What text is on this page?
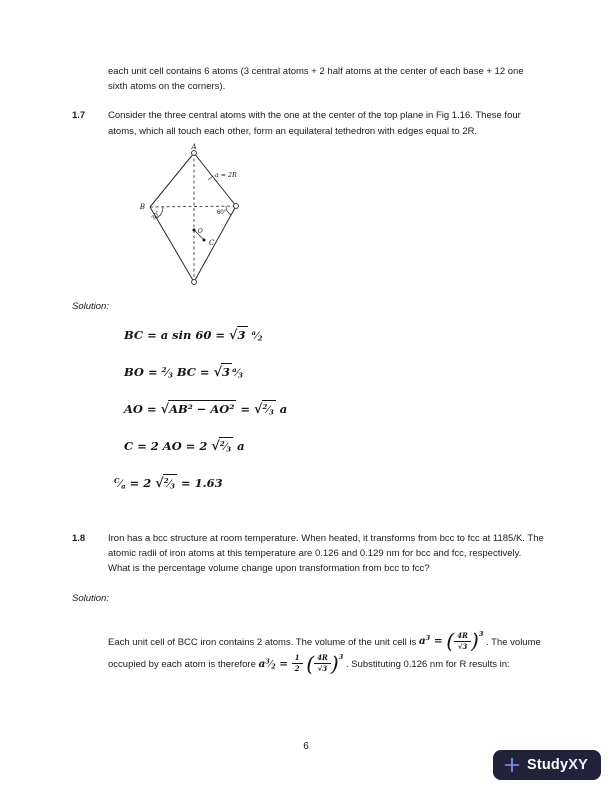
each unit cell contains 6 atoms (3 central atoms + 2 half atoms at the center of each base + 12 one sixth atoms on the corners).

1.7	Consider the three central atoms with the one at the center of the top plane in Fig 1.16. These four atoms, which all touch each other, form an equilateral tethedron with edges equal to 2R.
A
B
C
O
a = 2R
60°
30°

Solution:

BC = a sin 60 = √3 $^a$⁄2
BO = $^2$⁄3 BC = √3 $^a$⁄3
AO = √AB² − AO² = √$^2$⁄3 a
C = 2 AO = 2 √$^2$⁄3 a
$^C$⁄a = 2 √$^2$⁄3 = 1.63
1.8	Iron has a bcc structure at room temperature. When heated, it transforms from bcc to fcc at 1185/K. The atomic radii of iron atoms at this temperature are 0.126 and 0.129 nm for bcc and fcc, respectively. What is the percentage volume change upon transformation from bcc to fcc?

Solution:

Each unit cell of BCC iron contains 2 atoms. The volume of the unit cell is $a^3$ = ( $\frac{4R}{√3} )^3$ . The volume occupied by each atom is therefore $a^3⁄2 = \frac{1}{2}$ ( $\frac{4R}{√3} )^3$ . Substituting 0.126 nm for R results in:

6
StudyXY
